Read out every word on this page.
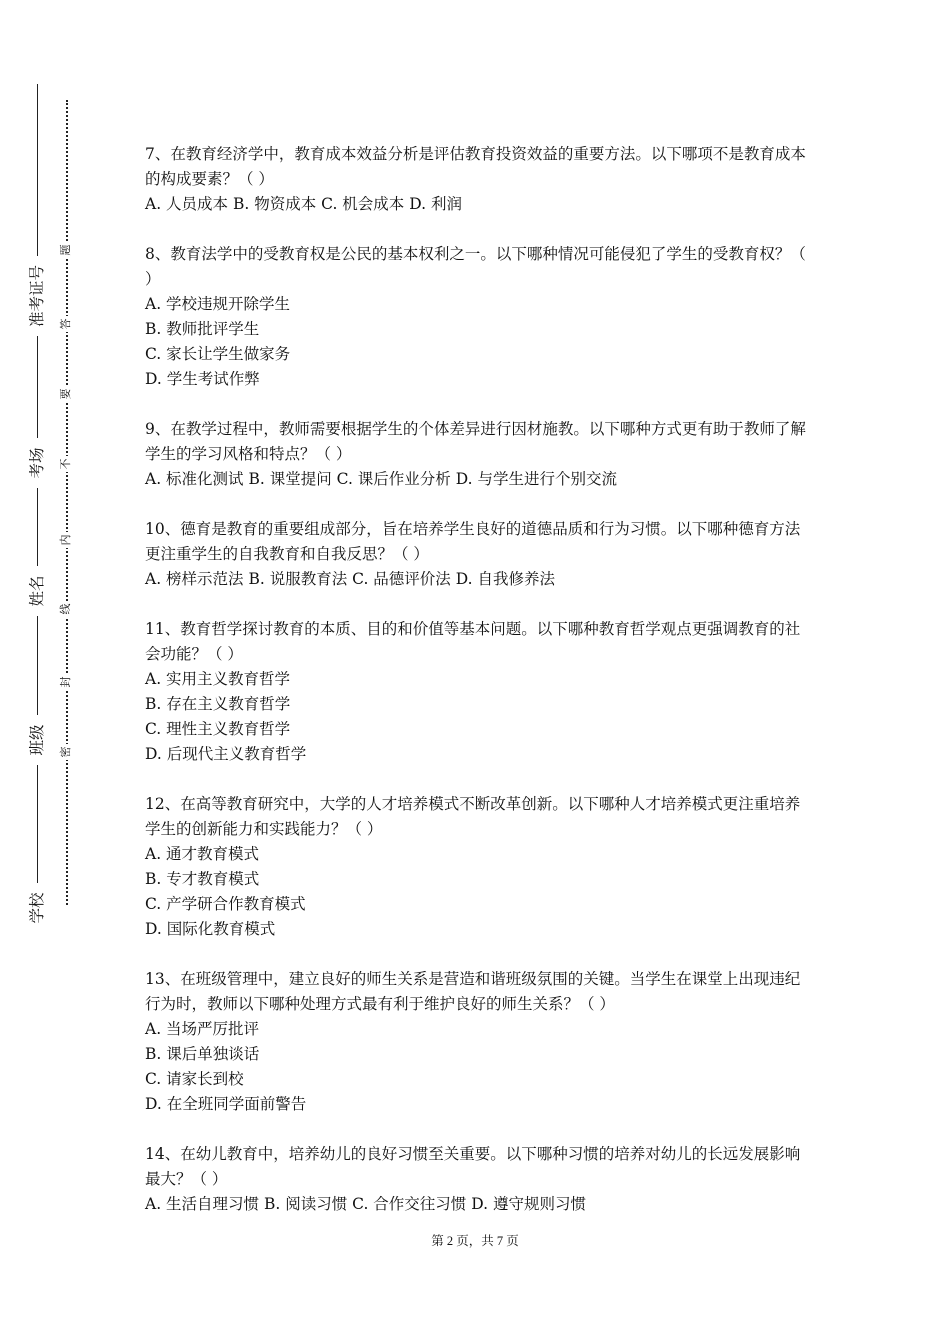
准考证号
考场
姓名
班级
学校
题
答
要
不
内
线
封
密

7、在教育经济学中，教育成本效益分析是评估教育投资效益的重要方法。以下哪项不是教育成本的构成要素？（ ）

A. 人员成本 B. 物资成本 C. 机会成本 D. 利润

8、教育法学中的受教育权是公民的基本权利之一。以下哪种情况可能侵犯了学生的受教育权？（ ）

A. 学校违规开除学生

B. 教师批评学生

C. 家长让学生做家务

D. 学生考试作弊

9、在教学过程中，教师需要根据学生的个体差异进行因材施教。以下哪种方式更有助于教师了解学生的学习风格和特点？（ ）

A. 标准化测试 B. 课堂提问 C. 课后作业分析 D. 与学生进行个别交流

10、德育是教育的重要组成部分，旨在培养学生良好的道德品质和行为习惯。以下哪种德育方法更注重学生的自我教育和自我反思？（ ）

A. 榜样示范法 B. 说服教育法 C. 品德评价法 D. 自我修养法

11、教育哲学探讨教育的本质、目的和价值等基本问题。以下哪种教育哲学观点更强调教育的社会功能？（ ）

A. 实用主义教育哲学

B. 存在主义教育哲学

C. 理性主义教育哲学

D. 后现代主义教育哲学

12、在高等教育研究中，大学的人才培养模式不断改革创新。以下哪种人才培养模式更注重培养学生的创新能力和实践能力？（ ）

A. 通才教育模式

B. 专才教育模式

C. 产学研合作教育模式

D. 国际化教育模式

13、在班级管理中，建立良好的师生关系是营造和谐班级氛围的关键。当学生在课堂上出现违纪行为时，教师以下哪种处理方式最有利于维护良好的师生关系？（ ）

A. 当场严厉批评

B. 课后单独谈话

C. 请家长到校

D. 在全班同学面前警告

14、在幼儿教育中，培养幼儿的良好习惯至关重要。以下哪种习惯的培养对幼儿的长远发展影响最大？（ ）

A. 生活自理习惯 B. 阅读习惯 C. 合作交往习惯 D. 遵守规则习惯

第 2 页，共 7 页
